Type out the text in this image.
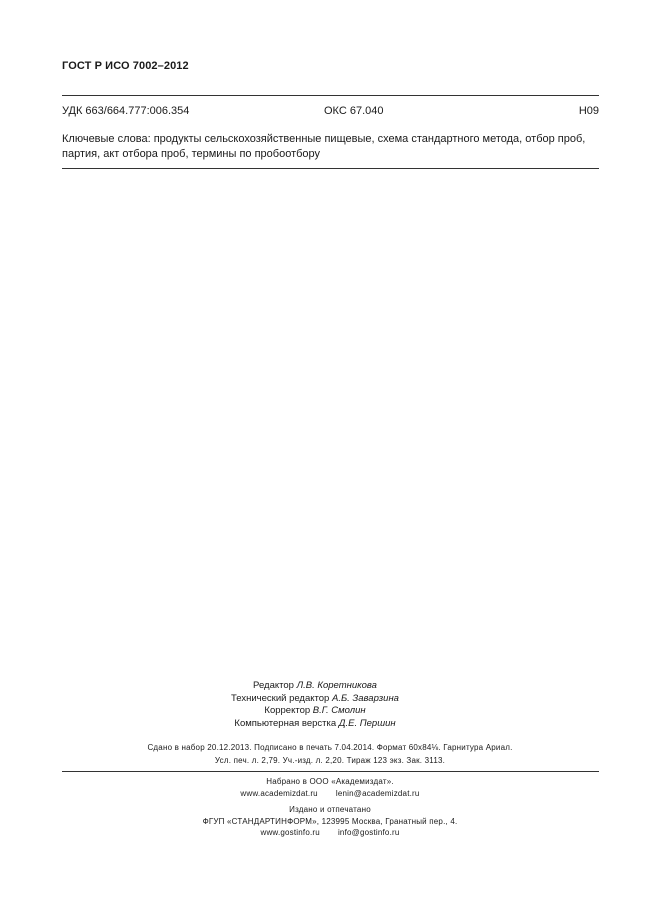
ГОСТ Р ИСО 7002–2012
УДК 663/664.777:006.354	ОКС 67.040	Н09
Ключевые слова: продукты сельскохозяйственные пищевые, схема стандартного метода, отбор проб, партия, акт отбора проб, термины по пробоотбору
Редактор Л.В. Коретникова
Технический редактор А.Б. Заварзина
Корректор В.Г. Смолин
Компьютерная верстка Д.Е. Першин
Сдано в набор 20.12.2013. Подписано в печать 7.04.2014. Формат 60x84⅛. Гарнитура Ариал.
Усл. печ. л. 2,79. Уч.-изд. л. 2,20. Тираж 123 экз. Зак. 3113.
Набрано в ООО «Академиздат».
www.academizdat.ru lenin@academizdat.ru
Издано и отпечатано
ФГУП «СТАНДАРТИНФОРМ», 123995 Москва, Гранатный пер., 4.
www.gostinfo.ru info@gostinfo.ru
